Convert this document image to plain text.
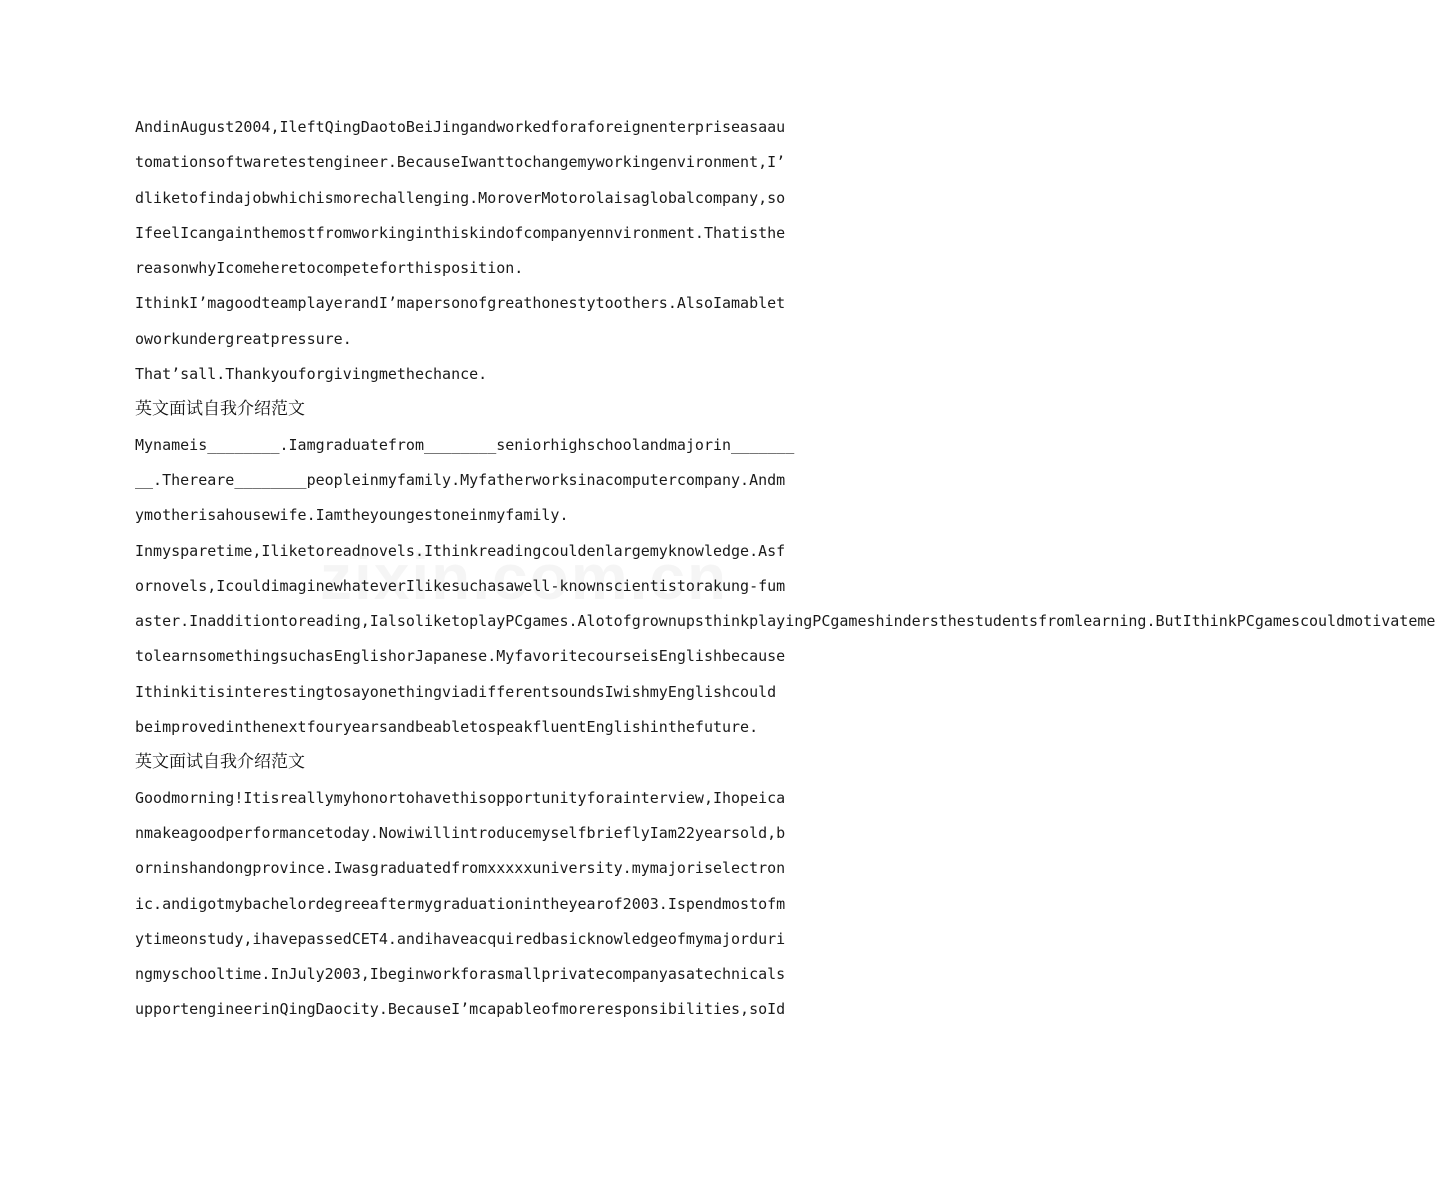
AndinAugust2004,IleftQingDaotoBeiJingandworkedforaforeignenterpriseasaau
tomationsoftwaretestengineer.BecauseIwanttochangemyworkingenvironment,I’
dliketofindajobwhichismorechallenging.MoroverMotorolaisaglobalcompany,so
IfeelIcangainthemostfromworkinginthiskindofcompanyennvironment.Thatisthe
reasonwhyIcomeheretocompeteforthisposition.
IthinkI’magoodteamplayerandI’mapersonofgreathonestytoothers.AlsoIamablet
oworkundergreatpressure.
That’sall.Thankyouforgivingmethechance.
英文面试自我介绍范文
Mynameis________.Iamgraduatefrom________seniorhighschoolandmajorin_______
__.Thereare________peopleinmyfamily.Myfatherworksinacomputercompany.Andm
ymotherisahousewife.Iamtheyoungestoneinmyfamily.
Inmysparetime,Iliketoreadnovels.Ithinkreadingcouldenlargemyknowledge.Asf
ornovels,IcouldimaginewhateverIlikesuchasawell-knownscientistorakung-fum
aster.Inadditiontoreading,IalsoliketoplayPCgames.AlotofgrownupsthinkplayingPCgameshindersthestudentsfromlearning.ButIthinkPCgamescouldmotivateme
tolearnsomethingsuchasEnglishorJapanese.MyfavoritecourseisEnglishbecause
IthinkitisinterestingtosayonethingviadifferentsoundsIwishmyEnglishcould
beimprovedinthenextfouryearsandbeabletospeakfluentEnglishinthefuture.
英文面试自我介绍范文
Goodmorning!Itisreallymyhonortohavethisopportunityforainterview,Ihopeica
nmakeagoodperformancetoday.NowiwillintroducemyselfbrieflyIam22yearsold,b
orninshandongprovince.Iwasgraduatedfromxxxxxuniversity.mymajoriselectron
ic.andigotmybachelordegreeaftermygraduationintheyearof2003.Ispendmostofm
ytimeonstudy,ihavepassedCET4.andihaveacquiredbasicknowledgeofmymajorduri
ngmyschooltime.InJuly2003,Ibeginworkforasmallprivatecompanyasatechnicals
upportengineerinQingDaocity.BecauseI’mcapableofmoreresponsibilities,soId
